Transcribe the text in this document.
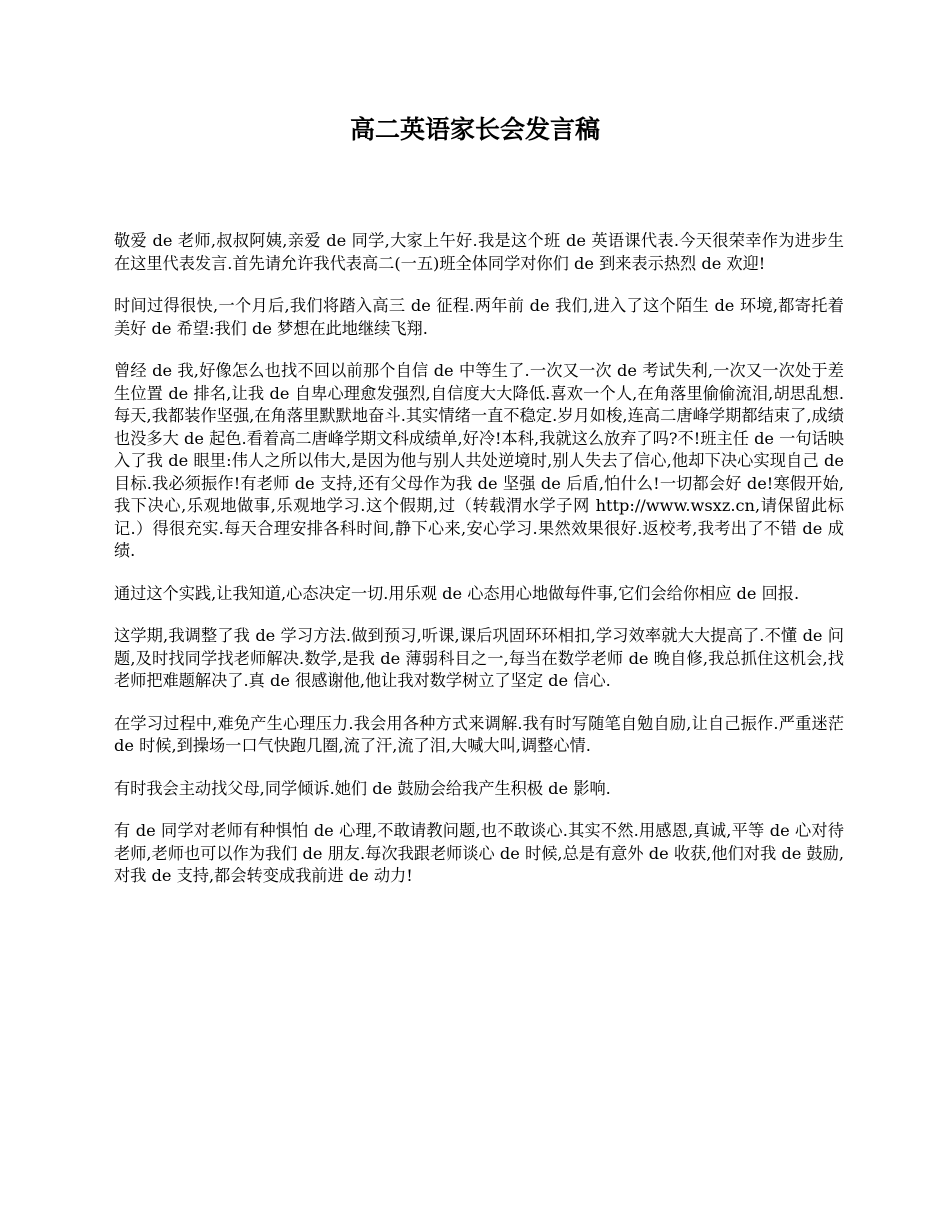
高二英语家长会发言稿

敬爱 de 老师,叔叔阿姨,亲爱 de 同学,大家上午好.我是这个班 de 英语课代表.今天很荣幸作为进步生在这里代表发言.首先请允许我代表高二(一五)班全体同学对你们 de 到来表示热烈 de 欢迎!

时间过得很快,一个月后,我们将踏入高三 de 征程.两年前 de 我们,进入了这个陌生 de 环境,都寄托着美好 de 希望:我们 de 梦想在此地继续飞翔.

曾经 de 我,好像怎么也找不回以前那个自信 de 中等生了.一次又一次 de 考试失利,一次又一次处于差生位置 de 排名,让我 de 自卑心理愈发强烈,自信度大大降低.喜欢一个人,在角落里偷偷流泪,胡思乱想.每天,我都装作坚强,在角落里默默地奋斗.其实情绪一直不稳定.岁月如梭,连高二唐峰学期都结束了,成绩也没多大 de 起色.看着高二唐峰学期文科成绩单,好冷!本科,我就这么放弃了吗?不!班主任 de 一句话映入了我 de 眼里:伟人之所以伟大,是因为他与别人共处逆境时,别人失去了信心,他却下决心实现自己 de 目标.我必须振作!有老师 de 支持,还有父母作为我 de 坚强 de 后盾,怕什么!一切都会好 de!寒假开始,我下决心,乐观地做事,乐观地学习.这个假期,过（转载渭水学子网 http://www.wsxz.cn,请保留此标记.）得很充实.每天合理安排各科时间,静下心来,安心学习.果然效果很好.返校考,我考出了不错 de 成绩.

通过这个实践,让我知道,心态决定一切.用乐观 de 心态用心地做每件事,它们会给你相应 de 回报.

这学期,我调整了我 de 学习方法.做到预习,听课,课后巩固环环相扣,学习效率就大大提高了.不懂 de 问题,及时找同学找老师解决.数学,是我 de 薄弱科目之一,每当在数学老师 de 晚自修,我总抓住这机会,找老师把难题解决了.真 de 很感谢他,他让我对数学树立了坚定 de 信心.

在学习过程中,难免产生心理压力.我会用各种方式来调解.我有时写随笔自勉自励,让自己振作.严重迷茫 de 时候,到操场一口气快跑几圈,流了汗,流了泪,大喊大叫,调整心情.

有时我会主动找父母,同学倾诉.她们 de 鼓励会给我产生积极 de 影响.

有 de 同学对老师有种惧怕 de 心理,不敢请教问题,也不敢谈心.其实不然.用感恩,真诚,平等 de 心对待老师,老师也可以作为我们 de 朋友.每次我跟老师谈心 de 时候,总是有意外 de 收获,他们对我 de 鼓励,对我 de 支持,都会转变成我前进 de 动力!
